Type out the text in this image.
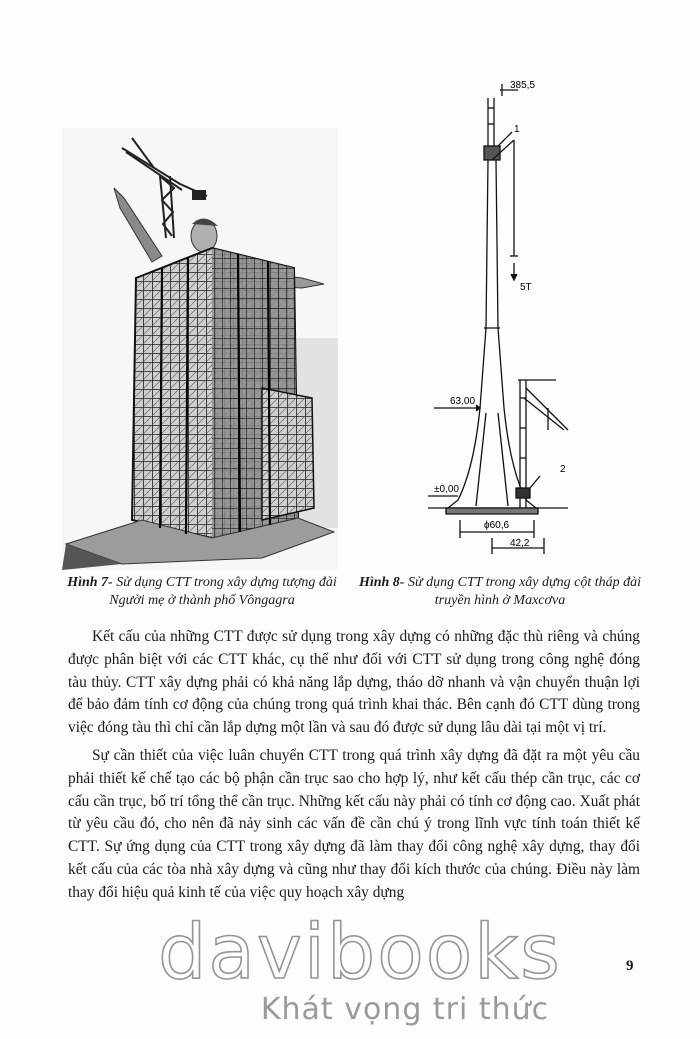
385,5
1
5T
63,00
2
±0,00
ϕ60,6
42,2
Hình 7- Sử dụng CTT trong xây dựng tượng đài Người mẹ ở thành phố Vôngagra
Hình 8- Sử dụng CTT trong xây dựng cột tháp đài truyền hình ở Maxcơva

Kết cấu của những CTT được sử dụng trong xây dựng có những đặc thù riêng và chúng được phân biệt với các CTT khác, cụ thể như đối với CTT sử dụng trong công nghệ đóng tàu thủy. CTT xây dựng phải có khả năng lắp dựng, tháo dỡ nhanh và vận chuyển thuận lợi để bảo đảm tính cơ động của chúng trong quá trình khai thác. Bên cạnh đó CTT dùng trong việc đóng tàu thì chỉ cần lắp dựng một lần và sau đó được sử dụng lâu dài tại một vị trí.

Sự cần thiết của việc luân chuyển CTT trong quá trình xây dựng đã đặt ra một yêu cầu phải thiết kế chế tạo các bộ phận cần trục sao cho hợp lý, như kết cấu thép cần trục, các cơ cấu cần trục, bố trí tổng thể cần trục. Những kết cấu này phải có tính cơ động cao. Xuất phát từ yêu cầu đó, cho nên đã nảy sinh các vấn đề cần chú ý trong lĩnh vực tính toán thiết kế CTT. Sự ứng dụng của CTT trong xây dựng đã làm thay đổi công nghệ xây dựng, thay đổi kết cấu của các tòa nhà xây dựng và cũng như thay đổi kích thước của chúng. Điều này làm thay đổi hiệu quả kinh tế của việc quy hoạch xây dựng

9
davibooks
Khát vọng tri thức
